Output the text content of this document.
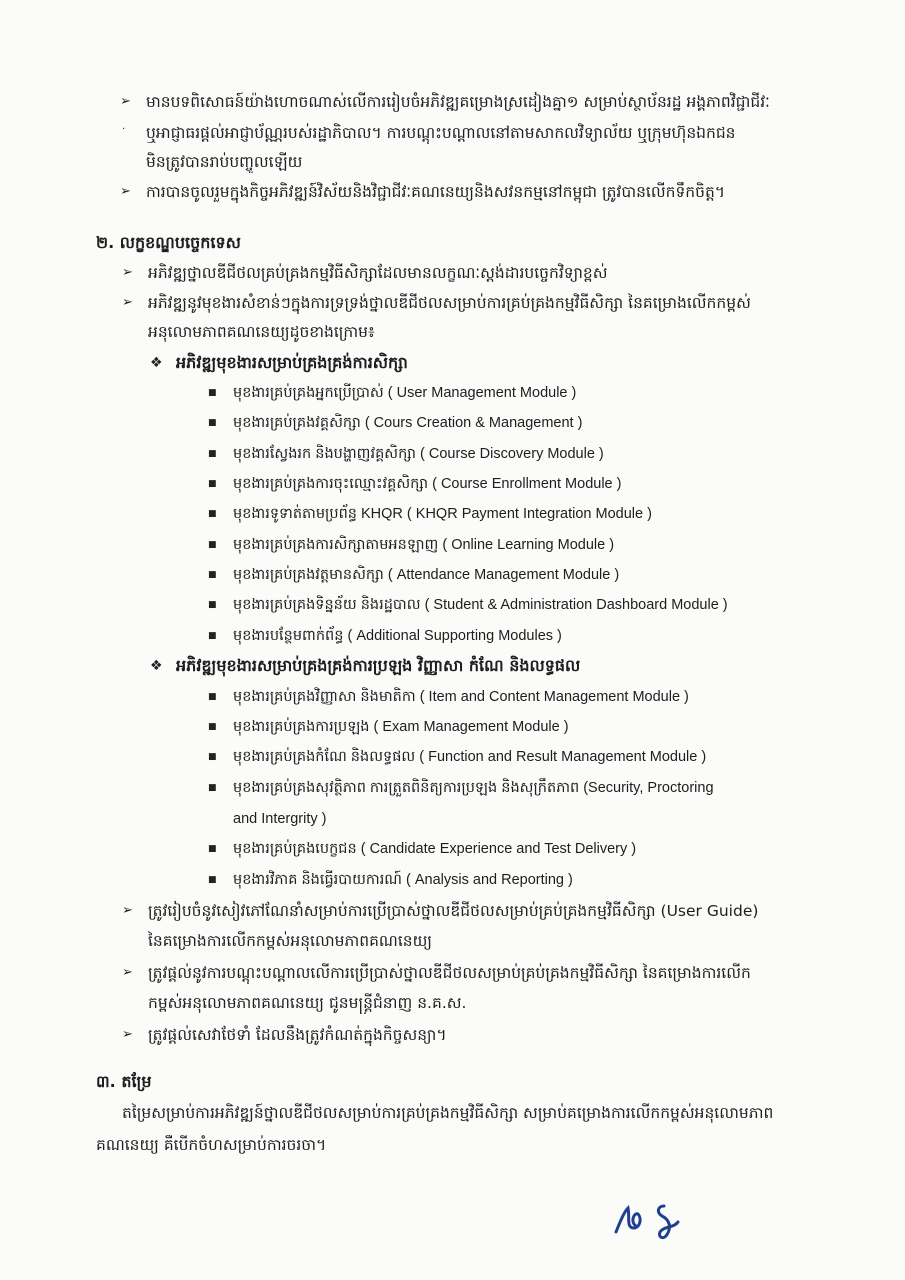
➢ មានបទពិសោធន៍យ៉ាងហោចណាស់លើការរៀបចំអភិវឌ្ឍគម្រោងស្រដៀងគ្នា១ សម្រាប់ស្ថាប័នរដ្ឋ អង្គភាពវិជ្ជាជីវៈ
· ឬអាជ្ញាធរផ្តល់អាជ្ញាប័ណ្ណរបស់រដ្ឋាភិបាល។ ការបណ្តុះបណ្តាលនៅតាមសាកលវិទ្យាល័យ ឬក្រុមហ៊ុនឯកជន
មិនត្រូវបានរាប់បញ្ចូលឡើយ
➢ ការបានចូលរួមក្នុងកិច្ចអភិវឌ្ឍន៍វិស័យនិងវិជ្ជាជីវៈគណនេយ្យនិងសវនកម្មនៅកម្ពុជា ត្រូវបានលើកទឹកចិត្ត។
២. លក្ខខណ្ឌបច្ចេកទេស
➢ អភិវឌ្ឍថ្នាលឌីជីថលគ្រប់គ្រងកម្មវិធីសិក្សាដែលមានលក្ខណៈស្តង់ដារបច្ចេកវិទ្យាខ្ពស់
➢ អភិវឌ្ឍនូវមុខងារសំខាន់ៗក្នុងការទ្រទ្រង់ថ្នាលឌីជីថលសម្រាប់ការគ្រប់គ្រងកម្មវិធីសិក្សា នៃគម្រោងលើកកម្ពស់
អនុលោមភាពគណនេយ្យដូចខាងក្រោម៖
❖ អភិវឌ្ឍមុខងារសម្រាប់គ្រងគ្រង់ការសិក្សា
■ មុខងារគ្រប់គ្រងអ្នកប្រើប្រាស់ ( User Management Module )
■ មុខងារគ្រប់គ្រងវគ្គសិក្សា ( Cours Creation & Management )
■ មុខងារស្វែងរក និងបង្ហាញវគ្គសិក្សា ( Course Discovery Module )
■ មុខងារគ្រប់គ្រងការចុះឈ្មោះវគ្គសិក្សា ( Course Enrollment Module )
■ មុខងារទូទាត់តាមប្រព័ន្ធ KHQR ( KHQR Payment Integration Module )
■ មុខងារគ្រប់គ្រងការសិក្សាតាមអនឡាញ ( Online Learning Module )
■ មុខងារគ្រប់គ្រងវត្តមានសិក្សា ( Attendance Management Module )
■ មុខងារគ្រប់គ្រងទិន្នន័យ និងរដ្ឋបាល ( Student & Administration Dashboard Module )
■ មុខងារបន្ថែមពាក់ព័ន្ធ ( Additional Supporting Modules )
❖ អភិវឌ្ឍមុខងារសម្រាប់គ្រងគ្រង់ការប្រឡង វិញ្ញាសា កំណែ និងលទ្ធផល
■ មុខងារគ្រប់គ្រងវិញ្ញាសា និងមាតិកា ( Item and Content Management Module )
■ មុខងារគ្រប់គ្រងការប្រឡង ( Exam Management Module )
■ មុខងារគ្រប់គ្រងកំណែ និងលទ្ធផល ( Function and Result Management Module )
■ មុខងារគ្រប់គ្រងសុវត្ថិភាព ការត្រួតពិនិត្យការប្រឡង និងសុក្រឹតភាព (Security, Proctoring
and Intergrity )
■ មុខងារគ្រប់គ្រងបេក្ខជន ( Candidate Experience and Test Delivery )
■ មុខងារវិភាគ និងធ្វើរបាយការណ៍ ( Analysis and Reporting )
➢ ត្រូវរៀបចំនូវសៀវភៅណែនាំសម្រាប់ការប្រើប្រាស់ថ្នាលឌីជីថលសម្រាប់គ្រប់គ្រងកម្មវិធីសិក្សា (User Guide)
នៃគម្រោងការលើកកម្ពស់អនុលោមភាពគណនេយ្យ
➢ ត្រូវផ្តល់នូវការបណ្តុះបណ្តាលលើការប្រើប្រាស់ថ្នាលឌីជីថលសម្រាប់គ្រប់គ្រងកម្មវិធីសិក្សា នៃគម្រោងការលើក
កម្ពស់អនុលោមភាពគណនេយ្យ ជូនមន្ត្រីជំនាញ ន.គ.ស.
➢ ត្រូវផ្តល់សេវាថែទាំ ដែលនឹងត្រូវកំណត់ក្នុងកិច្ចសន្យា។
៣. តម្រែ
តម្រៃសម្រាប់ការអភិវឌ្ឍន៍ថ្នាលឌីជីថលសម្រាប់ការគ្រប់គ្រងកម្មវិធីសិក្សា សម្រាប់គម្រោងការលើកកម្ពស់អនុលោមភាព
គណនេយ្យ គឺបើកចំហសម្រាប់ការចរចា។
